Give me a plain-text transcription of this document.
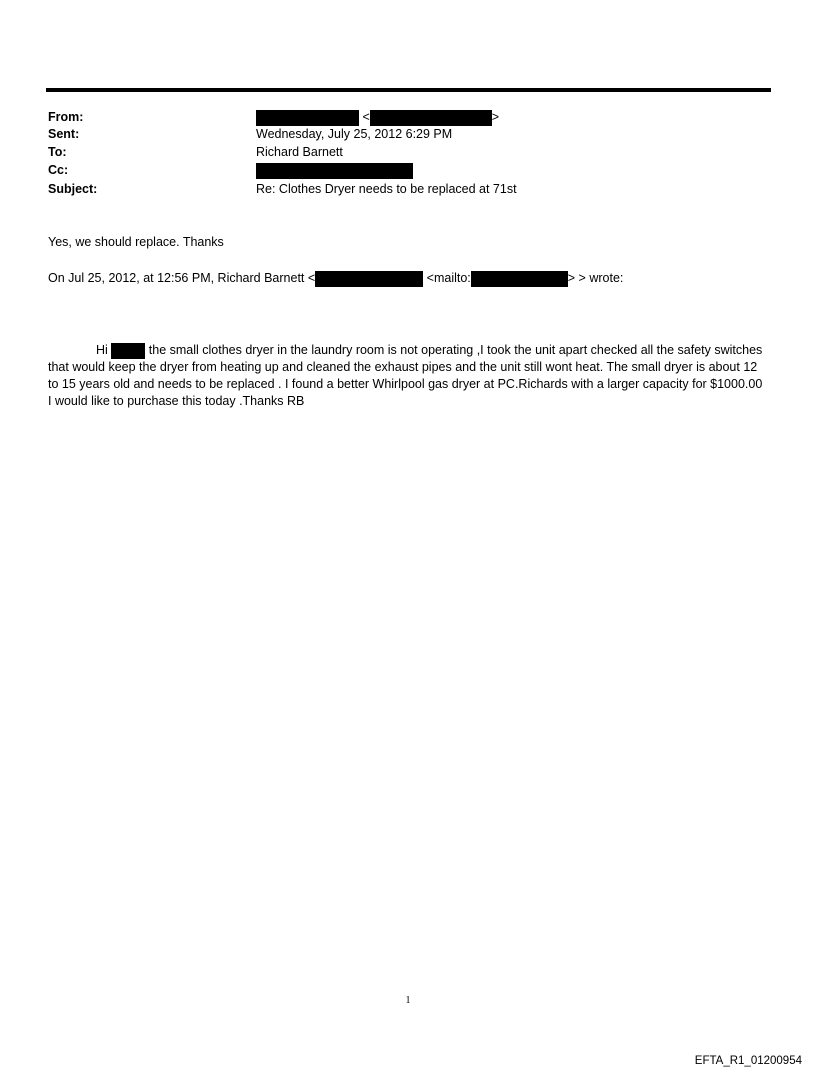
From:	<	>
Sent:	Wednesday, July 25, 2012 6:29 PM
To:	Richard Barnett
Cc:
Subject:	Re: Clothes Dryer needs to be replaced at 71st
Yes, we should replace. Thanks
On Jul 25, 2012, at 12:56 PM, Richard Barnett <	<mailto:	> > wrote:
Hi	the small clothes dryer in the laundry room is not operating ,I took the unit apart checked all the safety switches that would keep the dryer from heating up and cleaned the exhaust pipes and the unit still wont heat. The small dryer is about 12 to 15 years old and needs to be replaced . I found a better Whirlpool gas dryer at PC.Richards with a larger capacity for $1000.00 I would like to purchase this today .Thanks RB
1
EFTA_R1_01200954
